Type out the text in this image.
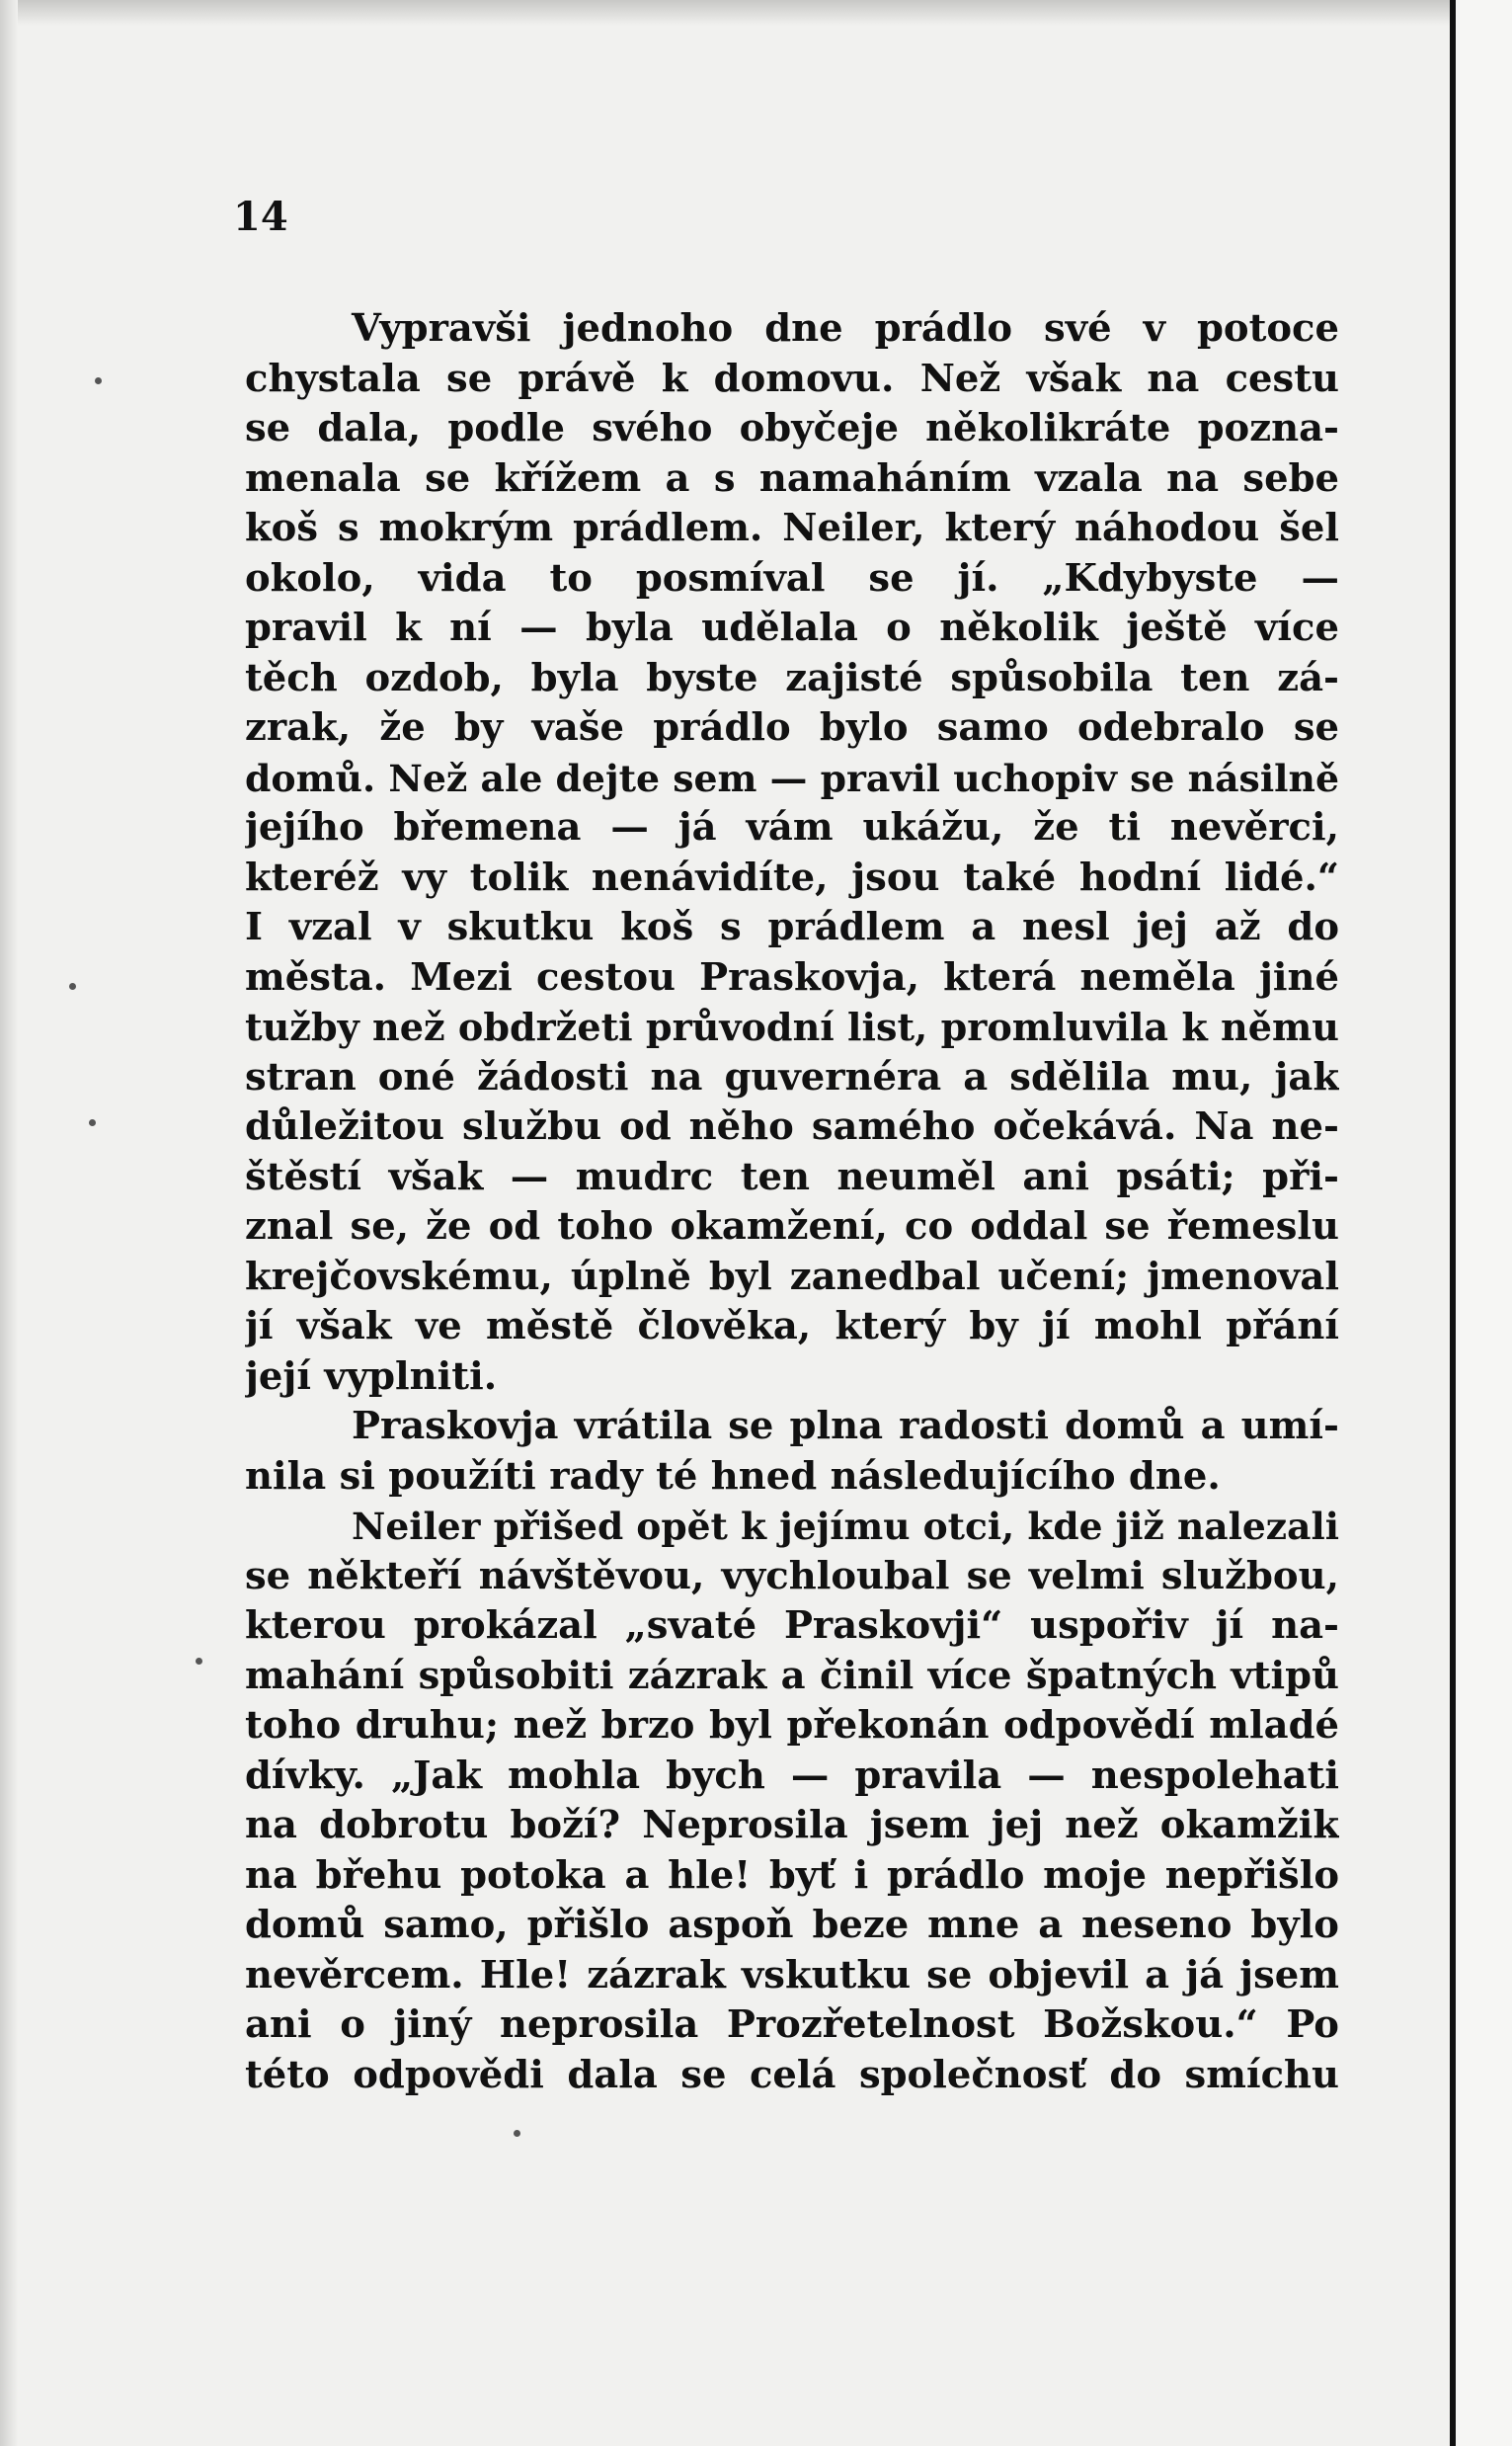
14
Vypravši jednoho dne prádlo své v potoce
chystala se právě k domovu. Než však na cestu
se dala, podle svého obyčeje několikráte pozna-
menala se křížem a s namaháním vzala na sebe
koš s mokrým prádlem. Neiler, který náhodou šel
okolo, vida to posmíval se jí. „Kdybyste —
pravil k ní — byla udělala o několik ještě více
těch ozdob, byla byste zajisté spůsobila ten zá-
zrak, že by vaše prádlo bylo samo odebralo se
domů. Než ale dejte sem — pravil uchopiv se násilně
jejího břemena — já vám ukážu, že ti nevěrci,
kteréž vy tolik nenávidíte, jsou také hodní lidé.“
I vzal v skutku koš s prádlem a nesl jej až do
města. Mezi cestou Praskovja, která neměla jiné
tužby než obdržeti průvodní list, promluvila k němu
stran oné žádosti na guvernéra a sdělila mu, jak
důležitou službu od něho samého očekává. Na ne-
štěstí však — mudrc ten neuměl ani psáti; při-
znal se, že od toho okamžení, co oddal se řemeslu
krejčovskému, úplně byl zanedbal učení; jmenoval
jí však ve městě člověka, který by jí mohl přání
její vyplniti.
Praskovja vrátila se plna radosti domů a umí-
nila si použíti rady té hned následujícího dne.
Neiler přišed opět k jejímu otci, kde již nalezali
se někteří návštěvou, vychloubal se velmi službou,
kterou prokázal „svaté Praskovji“ uspořiv jí na-
mahání spůsobiti zázrak a činil více špatných vtipů
toho druhu; než brzo byl překonán odpovědí mladé
dívky. „Jak mohla bych — pravila — nespolehati
na dobrotu boží? Neprosila jsem jej než okamžik
na břehu potoka a hle! byť i prádlo moje nepřišlo
domů samo, přišlo aspoň beze mne a neseno bylo
nevěrcem. Hle! zázrak vskutku se objevil a já jsem
ani o jiný neprosila Prozřetelnost Božskou.“ Po
této odpovědi dala se celá společnosť do smíchu
